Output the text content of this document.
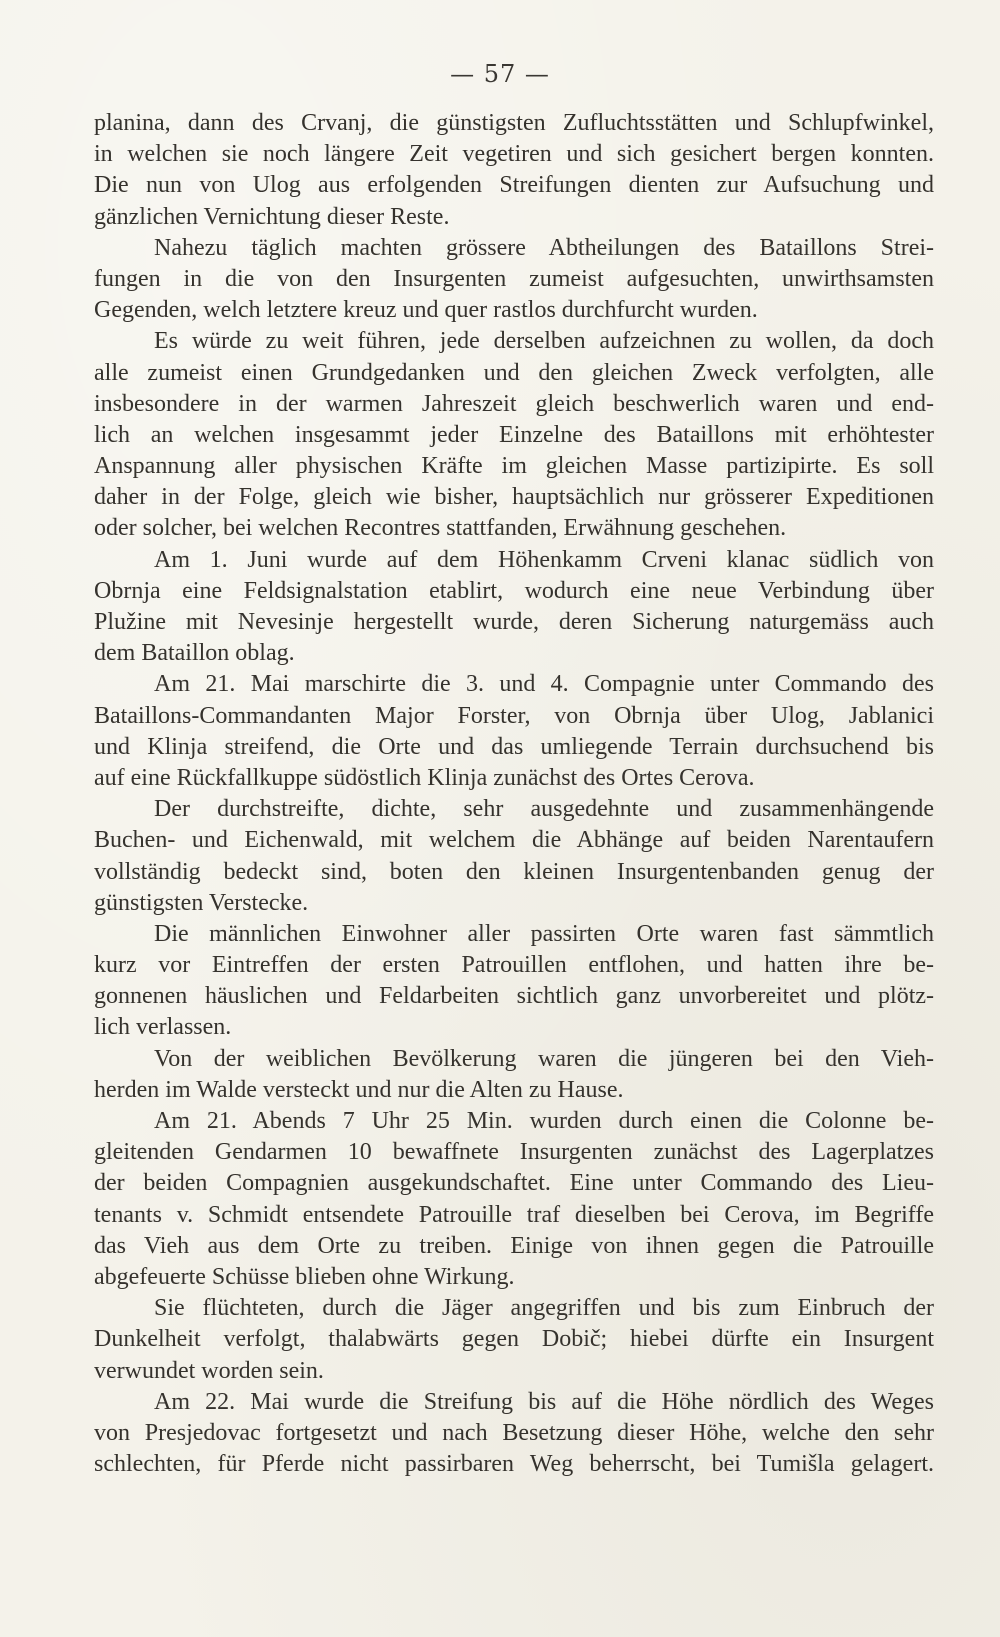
— 57 —
planina, dann des Crvanj, die günstigsten Zufluchtsstätten und Schlupfwinkel,
in welchen sie noch längere Zeit vegetiren und sich gesichert bergen konnten.
Die nun von Ulog aus erfolgenden Streifungen dienten zur Aufsuchung und
gänzlichen Vernichtung dieser Reste.
Nahezu täglich machten grössere Abtheilungen des Bataillons Strei-
fungen in die von den Insurgenten zumeist aufgesuchten, unwirthsamsten
Gegenden, welch letztere kreuz und quer rastlos durchfurcht wurden.
Es würde zu weit führen, jede derselben aufzeichnen zu wollen, da doch
alle zumeist einen Grundgedanken und den gleichen Zweck verfolgten, alle
insbesondere in der warmen Jahreszeit gleich beschwerlich waren und end-
lich an welchen insgesammt jeder Einzelne des Bataillons mit erhöhtester
Anspannung aller physischen Kräfte im gleichen Masse partizipirte. Es soll
daher in der Folge, gleich wie bisher, hauptsächlich nur grösserer Expeditionen
oder solcher, bei welchen Recontres stattfanden, Erwähnung geschehen.
Am 1. Juni wurde auf dem Höhenkamm Crveni klanac südlich von
Obrnja eine Feldsignalstation etablirt, wodurch eine neue Verbindung über
Plužine mit Nevesinje hergestellt wurde, deren Sicherung naturgemäss auch
dem Bataillon oblag.
Am 21. Mai marschirte die 3. und 4. Compagnie unter Commando des
Bataillons-Commandanten Major Forster, von Obrnja über Ulog, Jablanici
und Klinja streifend, die Orte und das umliegende Terrain durchsuchend bis
auf eine Rückfallkuppe südöstlich Klinja zunächst des Ortes Cerova.
Der durchstreifte, dichte, sehr ausgedehnte und zusammenhängende
Buchen- und Eichenwald, mit welchem die Abhänge auf beiden Narentaufern
vollständig bedeckt sind, boten den kleinen Insurgentenbanden genug der
günstigsten Verstecke.
Die männlichen Einwohner aller passirten Orte waren fast sämmtlich
kurz vor Eintreffen der ersten Patrouillen entflohen, und hatten ihre be-
gonnenen häuslichen und Feldarbeiten sichtlich ganz unvorbereitet und plötz-
lich verlassen.
Von der weiblichen Bevölkerung waren die jüngeren bei den Vieh-
herden im Walde versteckt und nur die Alten zu Hause.
Am 21. Abends 7 Uhr 25 Min. wurden durch einen die Colonne be-
gleitenden Gendarmen 10 bewaffnete Insurgenten zunächst des Lagerplatzes
der beiden Compagnien ausgekundschaftet. Eine unter Commando des Lieu-
tenants v. Schmidt entsendete Patrouille traf dieselben bei Cerova, im Begriffe
das Vieh aus dem Orte zu treiben. Einige von ihnen gegen die Patrouille
abgefeuerte Schüsse blieben ohne Wirkung.
Sie flüchteten, durch die Jäger angegriffen und bis zum Einbruch der
Dunkelheit verfolgt, thalabwärts gegen Dobič; hiebei dürfte ein Insurgent
verwundet worden sein.
Am 22. Mai wurde die Streifung bis auf die Höhe nördlich des Weges
von Presjedovac fortgesetzt und nach Besetzung dieser Höhe, welche den sehr
schlechten, für Pferde nicht passirbaren Weg beherrscht, bei Tumišla gelagert.
